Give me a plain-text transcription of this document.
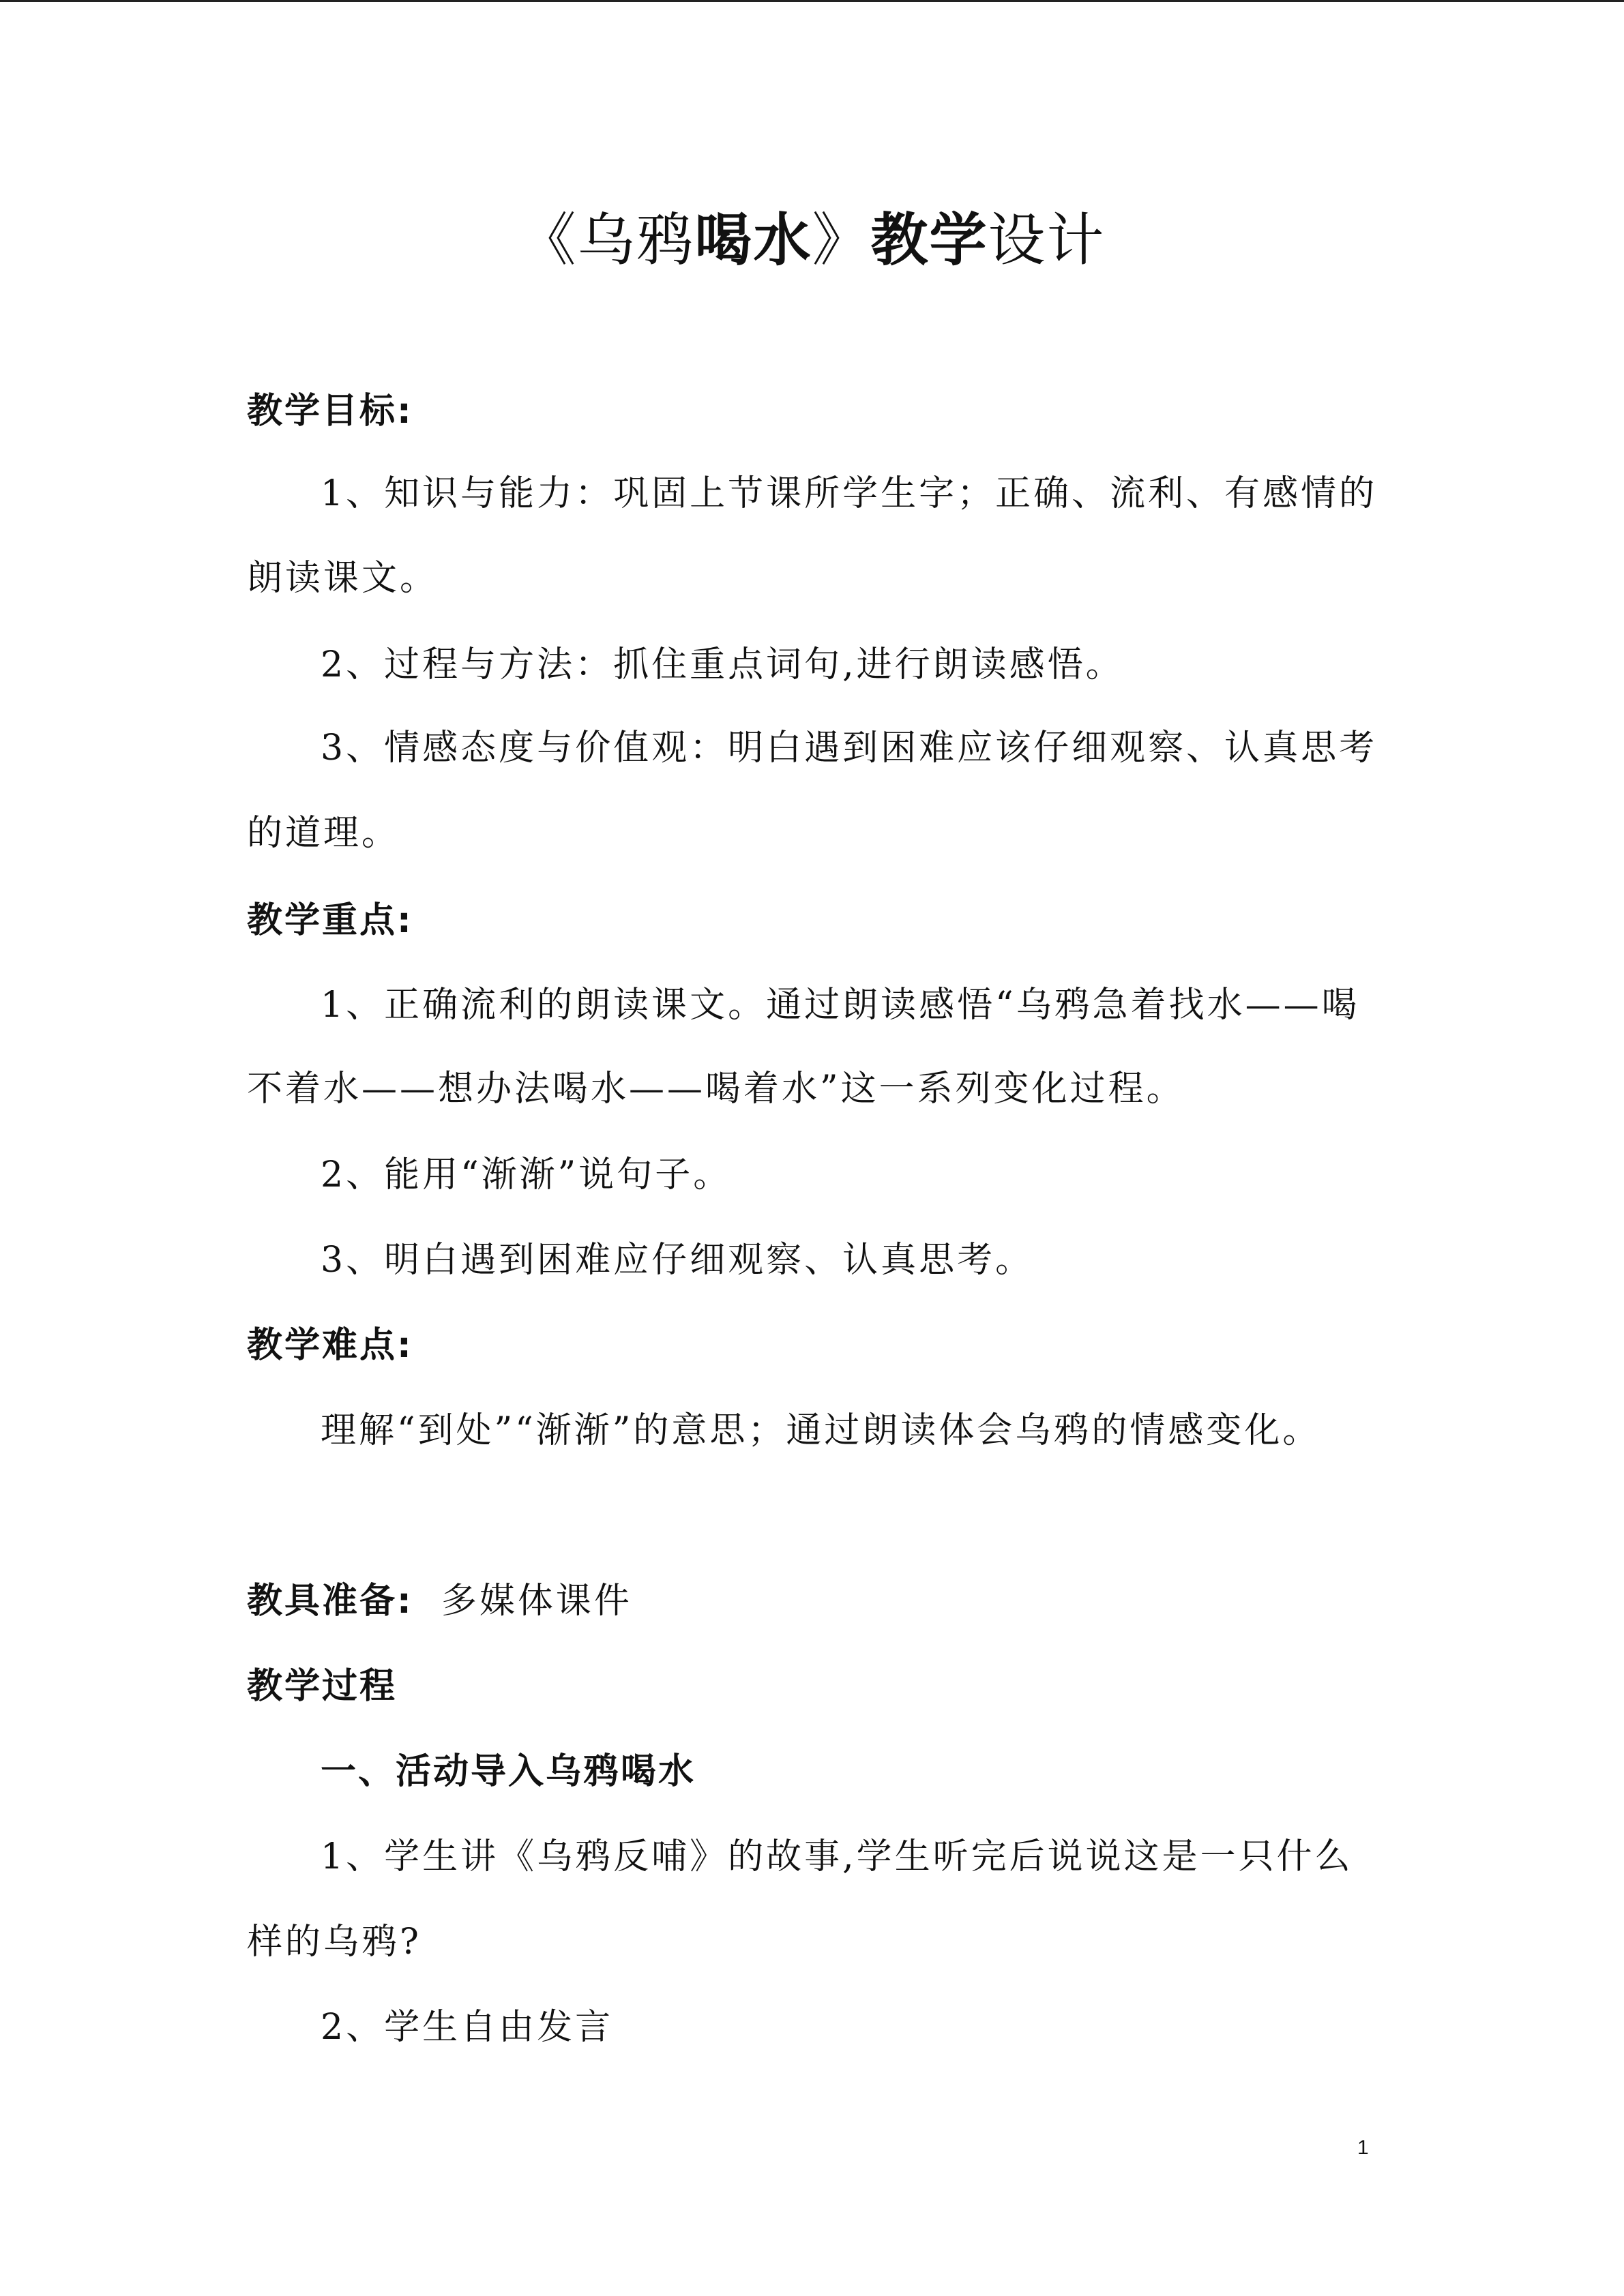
《乌鸦喝水》教学设计
教学目标:
1、知识与能力：巩固上节课所学生字；正确、流利、有感情的
朗读课文。
2、过程与方法：抓住重点词句,进行朗读感悟。
3、情感态度与价值观：明白遇到困难应该仔细观察、认真思考
的道理。
教学重点:
1、正确流利的朗读课文。通过朗读感悟“乌鸦急着找水——喝
不着水——想办法喝水——喝着水”这一系列变化过程。
2、能用“渐渐”说句子。
3、明白遇到困难应仔细观察、认真思考。
教学难点:
理解“到处”“渐渐”的意思；通过朗读体会乌鸦的情感变化。
教具准备: 多媒体课件
教学过程
一、活动导入乌鸦喝水
1、学生讲《乌鸦反哺》的故事,学生听完后说说这是一只什么
样的乌鸦?
2、学生自由发言
1
